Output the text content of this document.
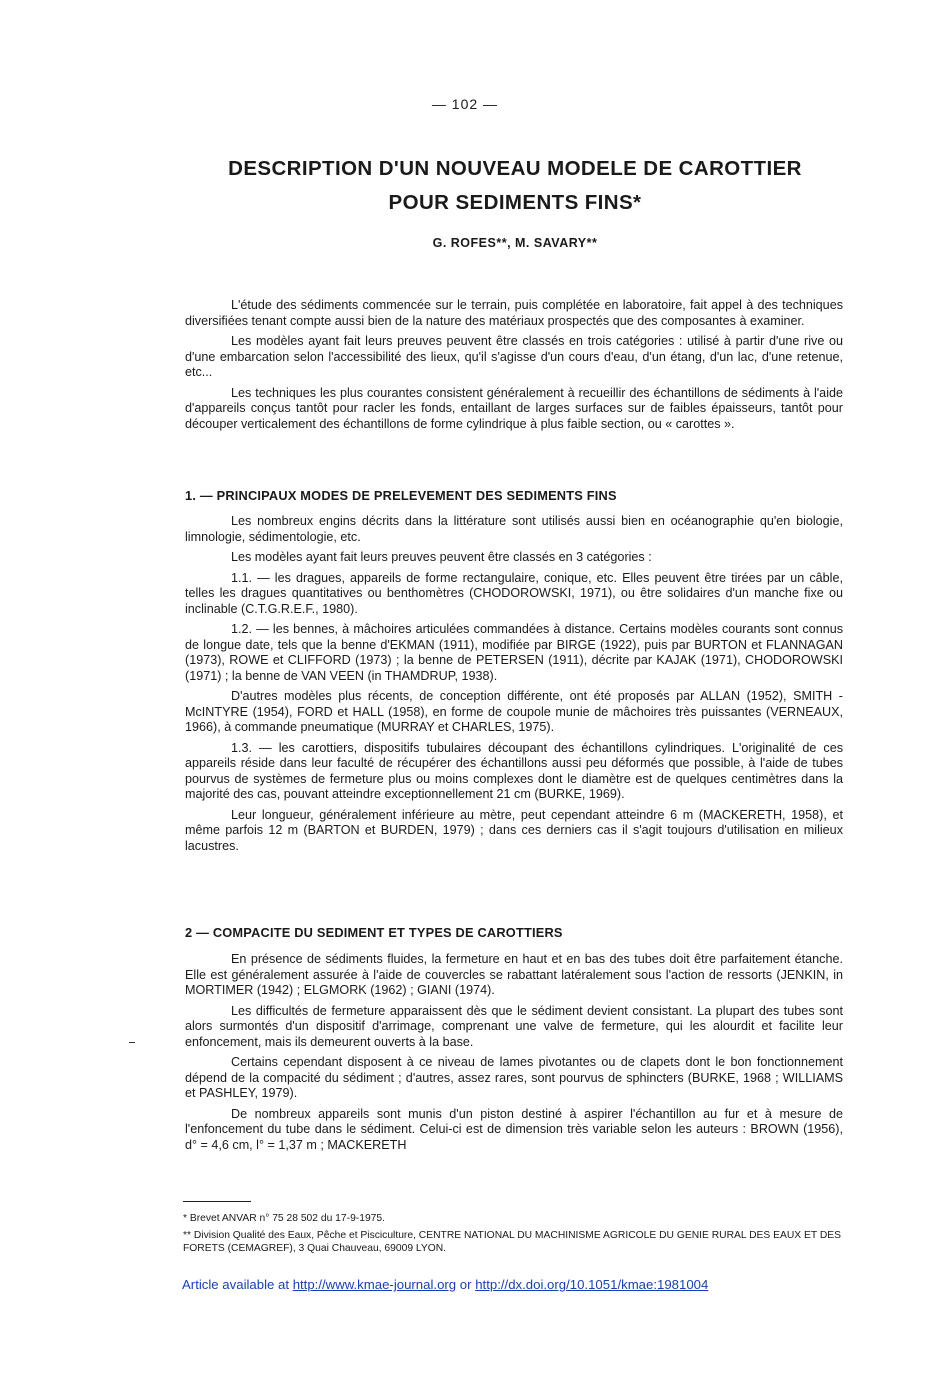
— 102 —
DESCRIPTION D'UN NOUVEAU MODELE DE CAROTTIER
POUR SEDIMENTS FINS*
G. ROFES**, M. SAVARY**

L'étude des sédiments commencée sur le terrain, puis complétée en laboratoire, fait appel à des techniques diversifiées tenant compte aussi bien de la nature des matériaux prospectés que des composantes à examiner.

Les modèles ayant fait leurs preuves peuvent être classés en trois catégories : utilisé à partir d'une rive ou d'une embarcation selon l'accessibilité des lieux, qu'il s'agisse d'un cours d'eau, d'un étang, d'un lac, d'une retenue, etc...

Les techniques les plus courantes consistent généralement à recueillir des échantillons de sédiments à l'aide d'appareils conçus tantôt pour racler les fonds, entaillant de larges surfaces sur de faibles épaisseurs, tantôt pour découper verticalement des échantillons de forme cylindrique à plus faible section, ou « carottes ».

1. — PRINCIPAUX MODES DE PRELEVEMENT DES SEDIMENTS FINS

Les nombreux engins décrits dans la littérature sont utilisés aussi bien en océanographie qu'en biologie, limnologie, sédimentologie, etc.

Les modèles ayant fait leurs preuves peuvent être classés en 3 catégories :

1.1. — les dragues, appareils de forme rectangulaire, conique, etc. Elles peuvent être tirées par un câble, telles les dragues quantitatives ou benthomètres (CHODOROWSKI, 1971), ou être solidaires d'un manche fixe ou inclinable (C.T.G.R.E.F., 1980).

1.2. — les bennes, à mâchoires articulées commandées à distance. Certains modèles courants sont connus de longue date, tels que la benne d'EKMAN (1911), modifiée par BIRGE (1922), puis par BURTON et FLANNAGAN (1973), ROWE et CLIFFORD (1973) ; la benne de PETERSEN (1911), décrite par KAJAK (1971), CHODOROWSKI (1971) ; la benne de VAN VEEN (in THAMDRUP, 1938).

D'autres modèles plus récents, de conception différente, ont été proposés par ALLAN (1952), SMITH - McINTYRE (1954), FORD et HALL (1958), en forme de coupole munie de mâchoires très puissantes (VERNEAUX, 1966), à commande pneumatique (MURRAY et CHARLES, 1975).

1.3. — les carottiers, dispositifs tubulaires découpant des échantillons cylindriques. L'originalité de ces appareils réside dans leur faculté de récupérer des échantillons aussi peu déformés que possible, à l'aide de tubes pourvus de systèmes de fermeture plus ou moins complexes dont le diamètre est de quelques centimètres dans la majorité des cas, pouvant atteindre exceptionnellement 21 cm (BURKE, 1969).

Leur longueur, généralement inférieure au mètre, peut cependant atteindre 6 m (MACKERETH, 1958), et même parfois 12 m (BARTON et BURDEN, 1979) ; dans ces derniers cas il s'agit toujours d'utilisation en milieux lacustres.

2 — COMPACITE DU SEDIMENT ET TYPES DE CAROTTIERS

En présence de sédiments fluides, la fermeture en haut et en bas des tubes doit être parfaitement étanche. Elle est généralement assurée à l'aide de couvercles se rabattant latéralement sous l'action de ressorts (JENKIN, in MORTIMER (1942) ; ELGMORK (1962) ; GIANI (1974).

Les difficultés de fermeture apparaissent dès que le sédiment devient consistant. La plupart des tubes sont alors surmontés d'un dispositif d'arrimage, comprenant une valve de fermeture, qui les alourdit et facilite leur enfoncement, mais ils demeurent ouverts à la base.

Certains cependant disposent à ce niveau de lames pivotantes ou de clapets dont le bon fonctionnement dépend de la compacité du sédiment ; d'autres, assez rares, sont pourvus de sphincters (BURKE, 1968 ; WILLIAMS et PASHLEY, 1979).

De nombreux appareils sont munis d'un piston destiné à aspirer l'échantillon au fur et à mesure de l'enfoncement du tube dans le sédiment. Celui-ci est de dimension très variable selon les auteurs : BROWN (1956), d° = 4,6 cm, l° = 1,37 m ; MACKERETH

* Brevet ANVAR n° 75 28 502 du 17-9-1975.

** Division Qualité des Eaux, Pêche et Pisciculture, CENTRE NATIONAL DU MACHINISME AGRICOLE DU GENIE RURAL DES EAUX ET DES FORETS (CEMAGREF), 3 Quai Chauveau, 69009 LYON.

Article available at http://www.kmae-journal.org or http://dx.doi.org/10.1051/kmae:1981004
